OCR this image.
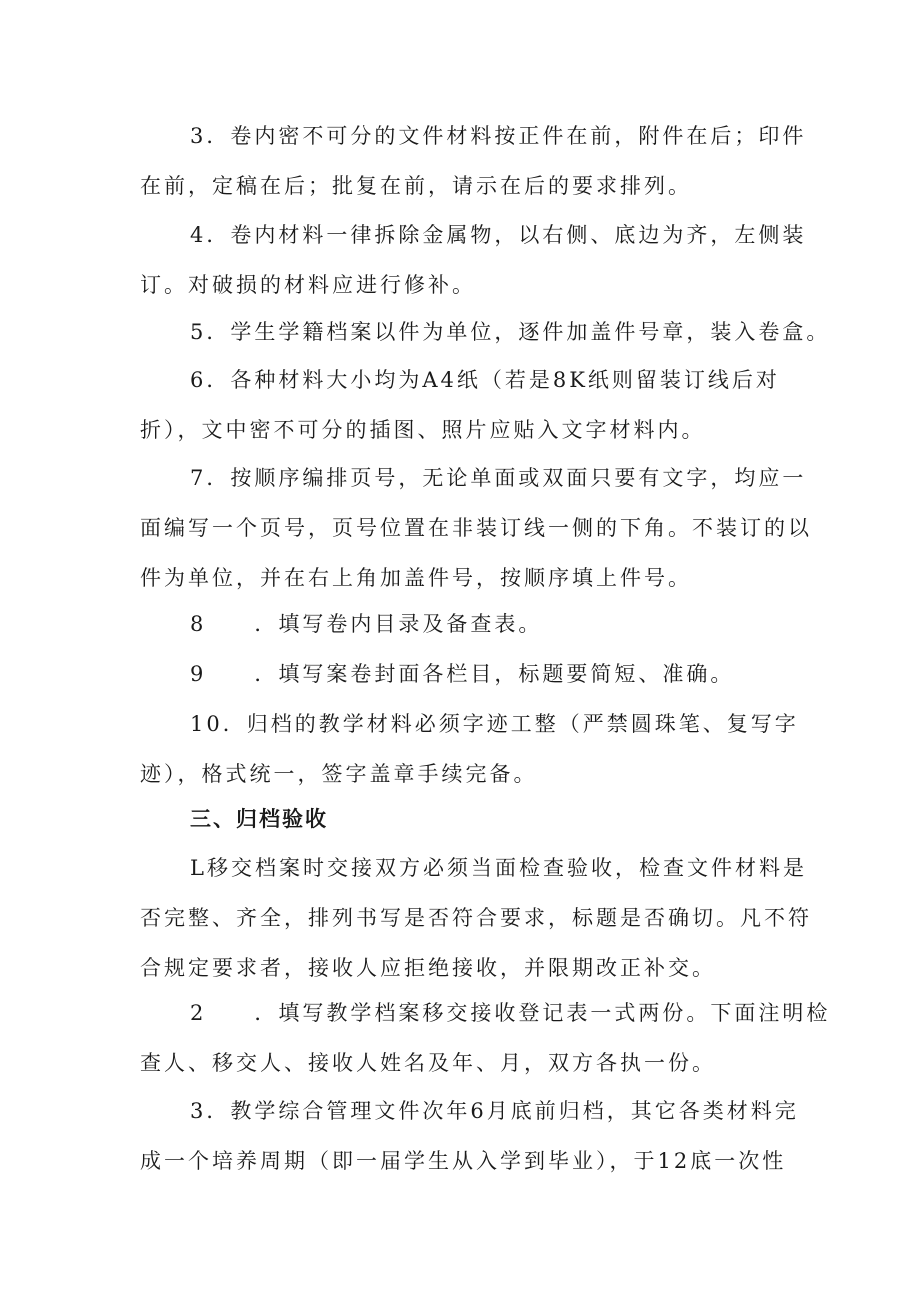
3．卷内密不可分的文件材料按正件在前，附件在后；印件
在前，定稿在后；批复在前，请示在后的要求排列。

4．卷内材料一律拆除金属物，以右侧、底边为齐，左侧装
订。对破损的材料应进行修补。

5．学生学籍档案以件为单位，逐件加盖件号章，装入卷盒。

6．各种材料大小均为A4纸（若是8K纸则留装订线后对
折），文中密不可分的插图、照片应贴入文字材料内。

7．按顺序编排页号，无论单面或双面只要有文字，均应一
面编写一个页号，页号位置在非装订线一侧的下角。不装订的以
件为单位，并在右上角加盖件号，按顺序填上件号。

8　　．填写卷内目录及备查表。

9　　．填写案卷封面各栏目，标题要简短、准确。

10．归档的教学材料必须字迹工整（严禁圆珠笔、复写字
迹），格式统一，签字盖章手续完备。

三、归档验收

L移交档案时交接双方必须当面检查验收，检查文件材料是
否完整、齐全，排列书写是否符合要求，标题是否确切。凡不符
合规定要求者，接收人应拒绝接收，并限期改正补交。

2　　．填写教学档案移交接收登记表一式两份。下面注明检
查人、移交人、接收人姓名及年、月，双方各执一份。

3．教学综合管理文件次年6月底前归档，其它各类材料完
成一个培养周期（即一届学生从入学到毕业），于12底一次性
